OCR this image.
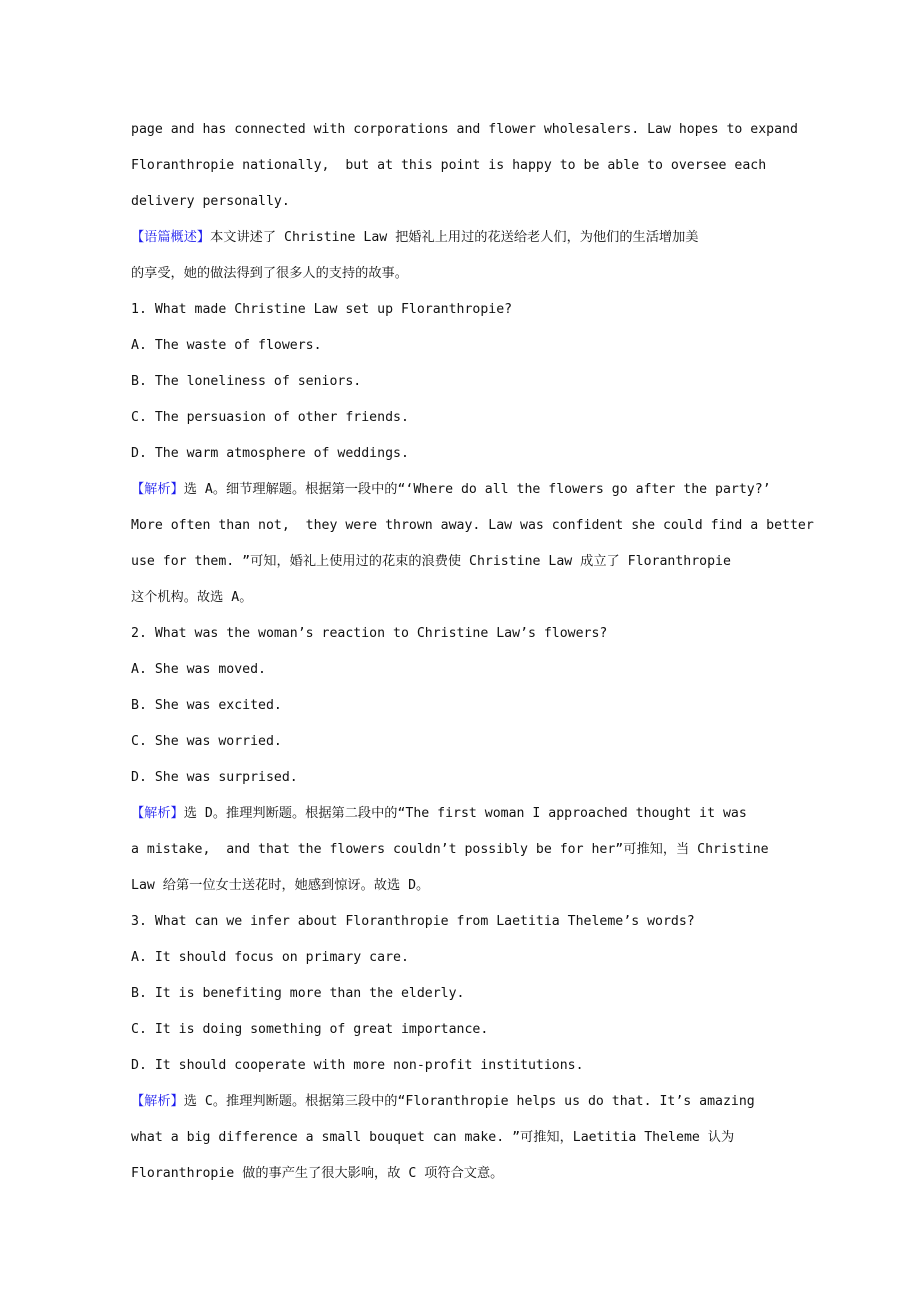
page and has connected with corporations and flower wholesalers. Law hopes to expand
Floranthropie nationally,  but at this point is happy to be able to oversee each
delivery personally.
【语篇概述】本文讲述了 Christine Law 把婚礼上用过的花送给老人们，为他们的生活增加美
的享受，她的做法得到了很多人的支持的故事。
1. What made Christine Law set up Floranthropie?
A. The waste of flowers.
B. The loneliness of seniors.
C. The persuasion of other friends.
D. The warm atmosphere of weddings.
【解析】选 A。细节理解题。根据第一段中的“‘Where do all the flowers go after the party?’
More often than not,  they were thrown away. Law was confident she could find a better
use for them. ”可知，婚礼上使用过的花束的浪费使 Christine Law 成立了 Floranthropie
这个机构。故选 A。
2. What was the woman’s reaction to Christine Law’s flowers?
A. She was moved.
B. She was excited.
C. She was worried.
D. She was surprised.
【解析】选 D。推理判断题。根据第二段中的“The first woman I approached thought it was
a mistake,  and that the flowers couldn’t possibly be for her”可推知，当 Christine
Law 给第一位女士送花时，她感到惊讶。故选 D。
3. What can we infer about Floranthropie from Laetitia Theleme’s words?
A. It should focus on primary care.
B. It is benefiting more than the elderly.
C. It is doing something of great importance.
D. It should cooperate with more non-profit institutions.
【解析】选 C。推理判断题。根据第三段中的“Floranthropie helps us do that. It’s amazing
what a big difference a small bouquet can make. ”可推知，Laetitia Theleme 认为
Floranthropie 做的事产生了很大影响，故 C 项符合文意。
